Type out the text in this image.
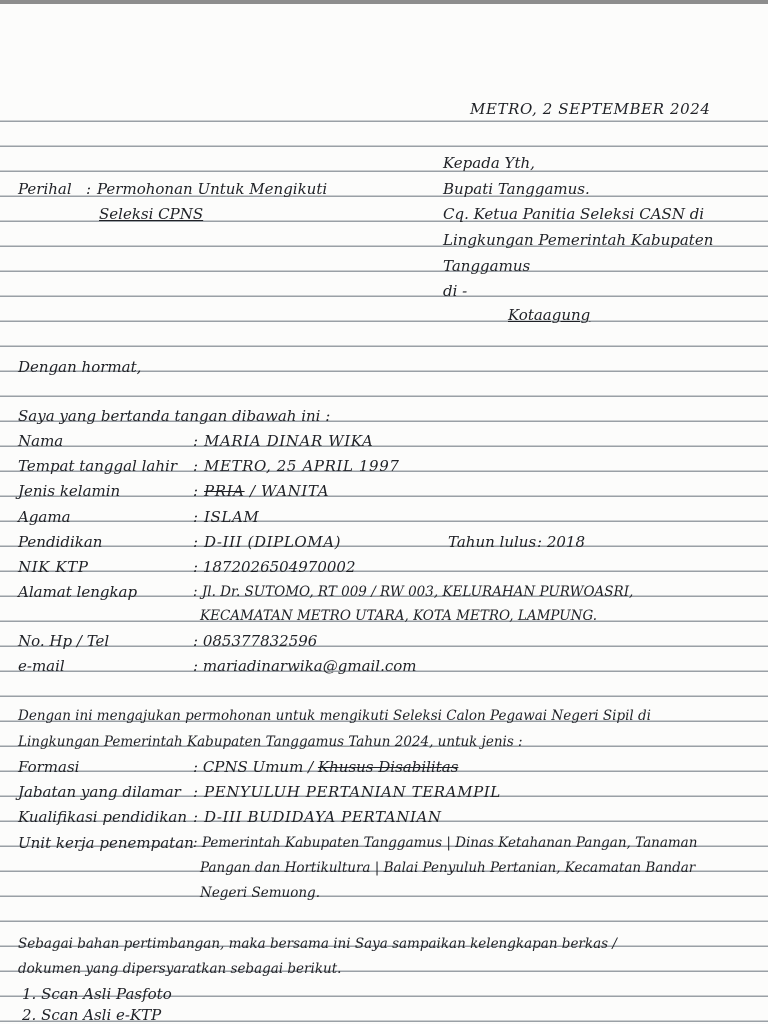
METRO, 2 SEPTEMBER 2024
Kepada Yth,
Bupati Tanggamus.
Cq. Ketua Panitia Seleksi CASN di
Lingkungan Pemerintah Kabupaten
Tanggamus
di -
Kotaagung
Perihal : Permohonan Untuk Mengikuti
Seleksi CPNS
Dengan hormat,
Saya yang bertanda tangan dibawah ini :
Nama	: MARIA DINAR WIKA
Tempat tanggal lahir : METRO, 25 APRIL 1997
Jenis kelamin	: PRIA / WANITA
Agama	: ISLAM
Pendidikan	: D-III (DIPLOMA)	Tahun lulus : 2018
NIK KTP	: 1872026504970002
Alamat lengkap	: Jl. Dr. SUTOMO, RT 009 / RW 003, KELURAHAN PURWOASRI,
KECAMATAN METRO UTARA, KOTA METRO, LAMPUNG.
No. Hp / Tel	: 085377832596
e-mail	: mariadinarwika@gmail.com
Dengan ini mengajukan permohonan untuk mengikuti Seleksi Calon Pegawai Negeri Sipil di
Lingkungan Pemerintah Kabupaten Tanggamus Tahun 2024, untuk jenis :
Formasi	: CPNS Umum / Khusus Disabilitas
Jabatan yang dilamar : PENYULUH PERTANIAN TERAMPIL
Kualifikasi pendidikan : D-III BUDIDAYA PERTANIAN
Unit kerja penempatan : Pemerintah Kabupaten Tanggamus | Dinas Ketahanan Pangan, Tanaman
Pangan dan Hortikultura | Balai Penyuluh Pertanian, Kecamatan Bandar
Negeri Semuong.
Sebagai bahan pertimbangan, maka bersama ini Saya sampaikan kelengkapan berkas /
dokumen yang dipersyaratkan sebagai berikut.
1. Scan Asli Pasfoto
2. Scan Asli e-KTP
